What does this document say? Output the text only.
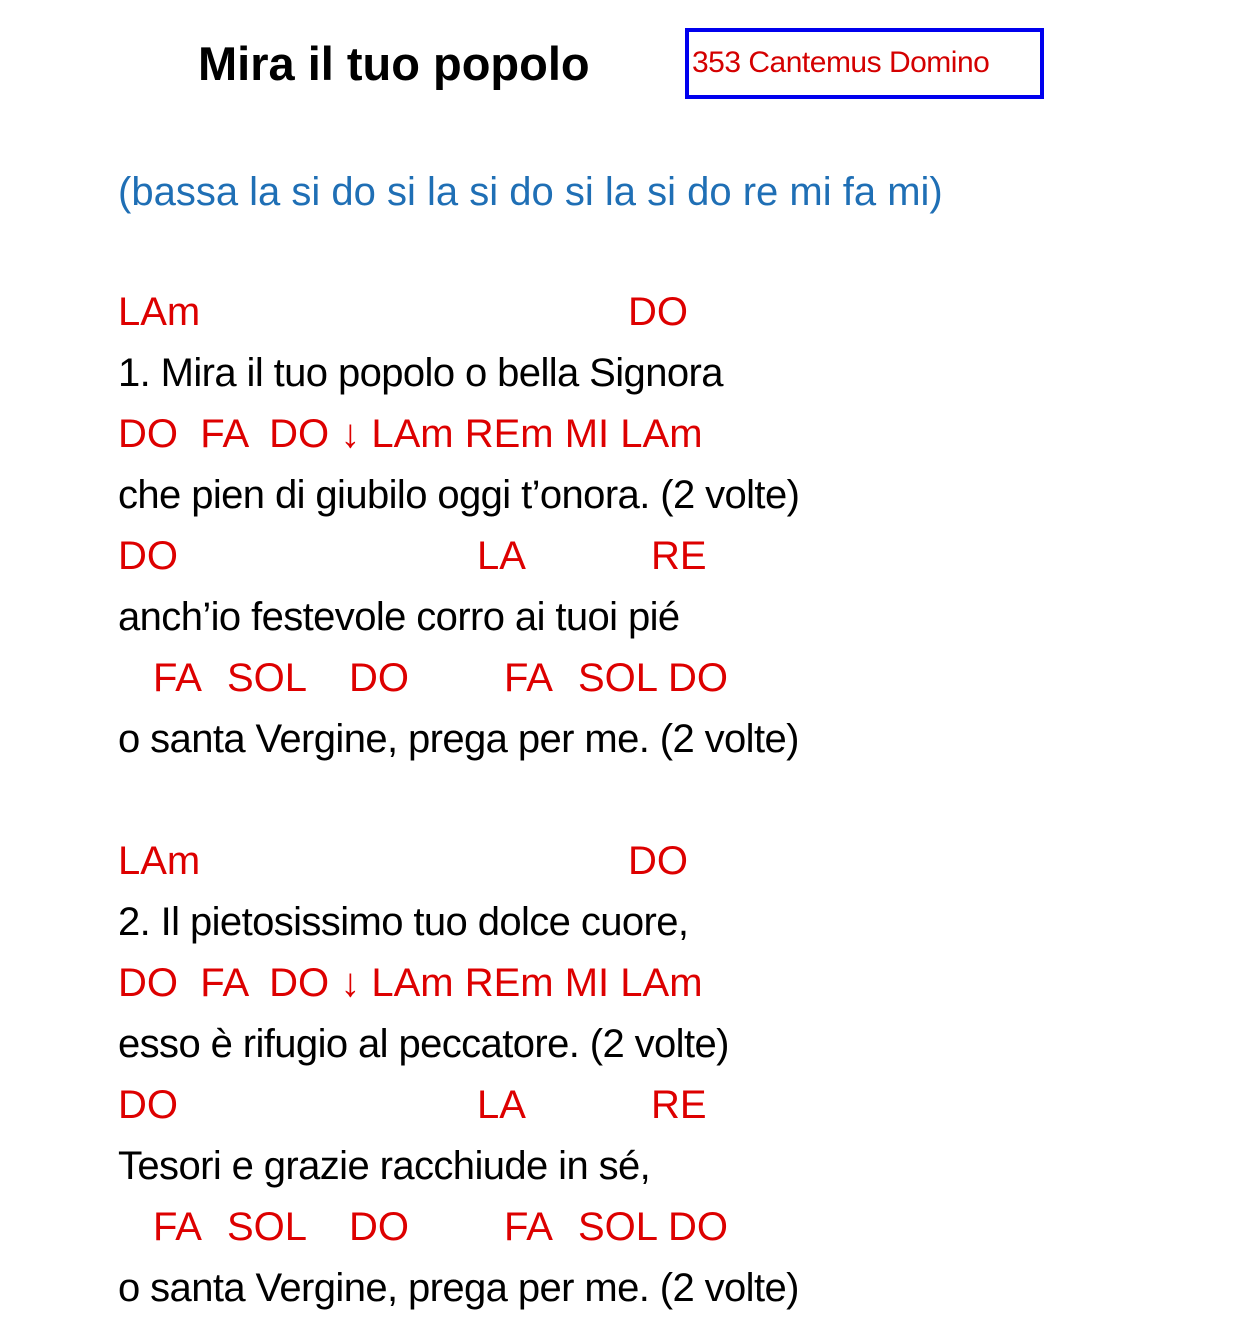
Mira il tuo popolo

	353 Cantemus Domino

(bassa la si do si la si do si la si do re mi fa mi)
LAm	DO
1. Mira il tuo popolo o bella Signora
DO  FA  DO ↓ LAm REm MI LAm
che pien di giubilo oggi t’onora. (2 volte)
DO	LA	RE
anch’io festevole corro ai tuoi pié
FA SOL DO FA SOL DO
o santa Vergine, prega per me. (2 volte)
LAm	DO
2. Il pietosissimo tuo dolce cuore,
DO  FA  DO ↓ LAm REm MI LAm
esso è rifugio al peccatore. (2 volte)
DO	LA	RE
Tesori e grazie racchiude in sé,
FA SOL DO FA SOL DO
o santa Vergine, prega per me. (2 volte)
